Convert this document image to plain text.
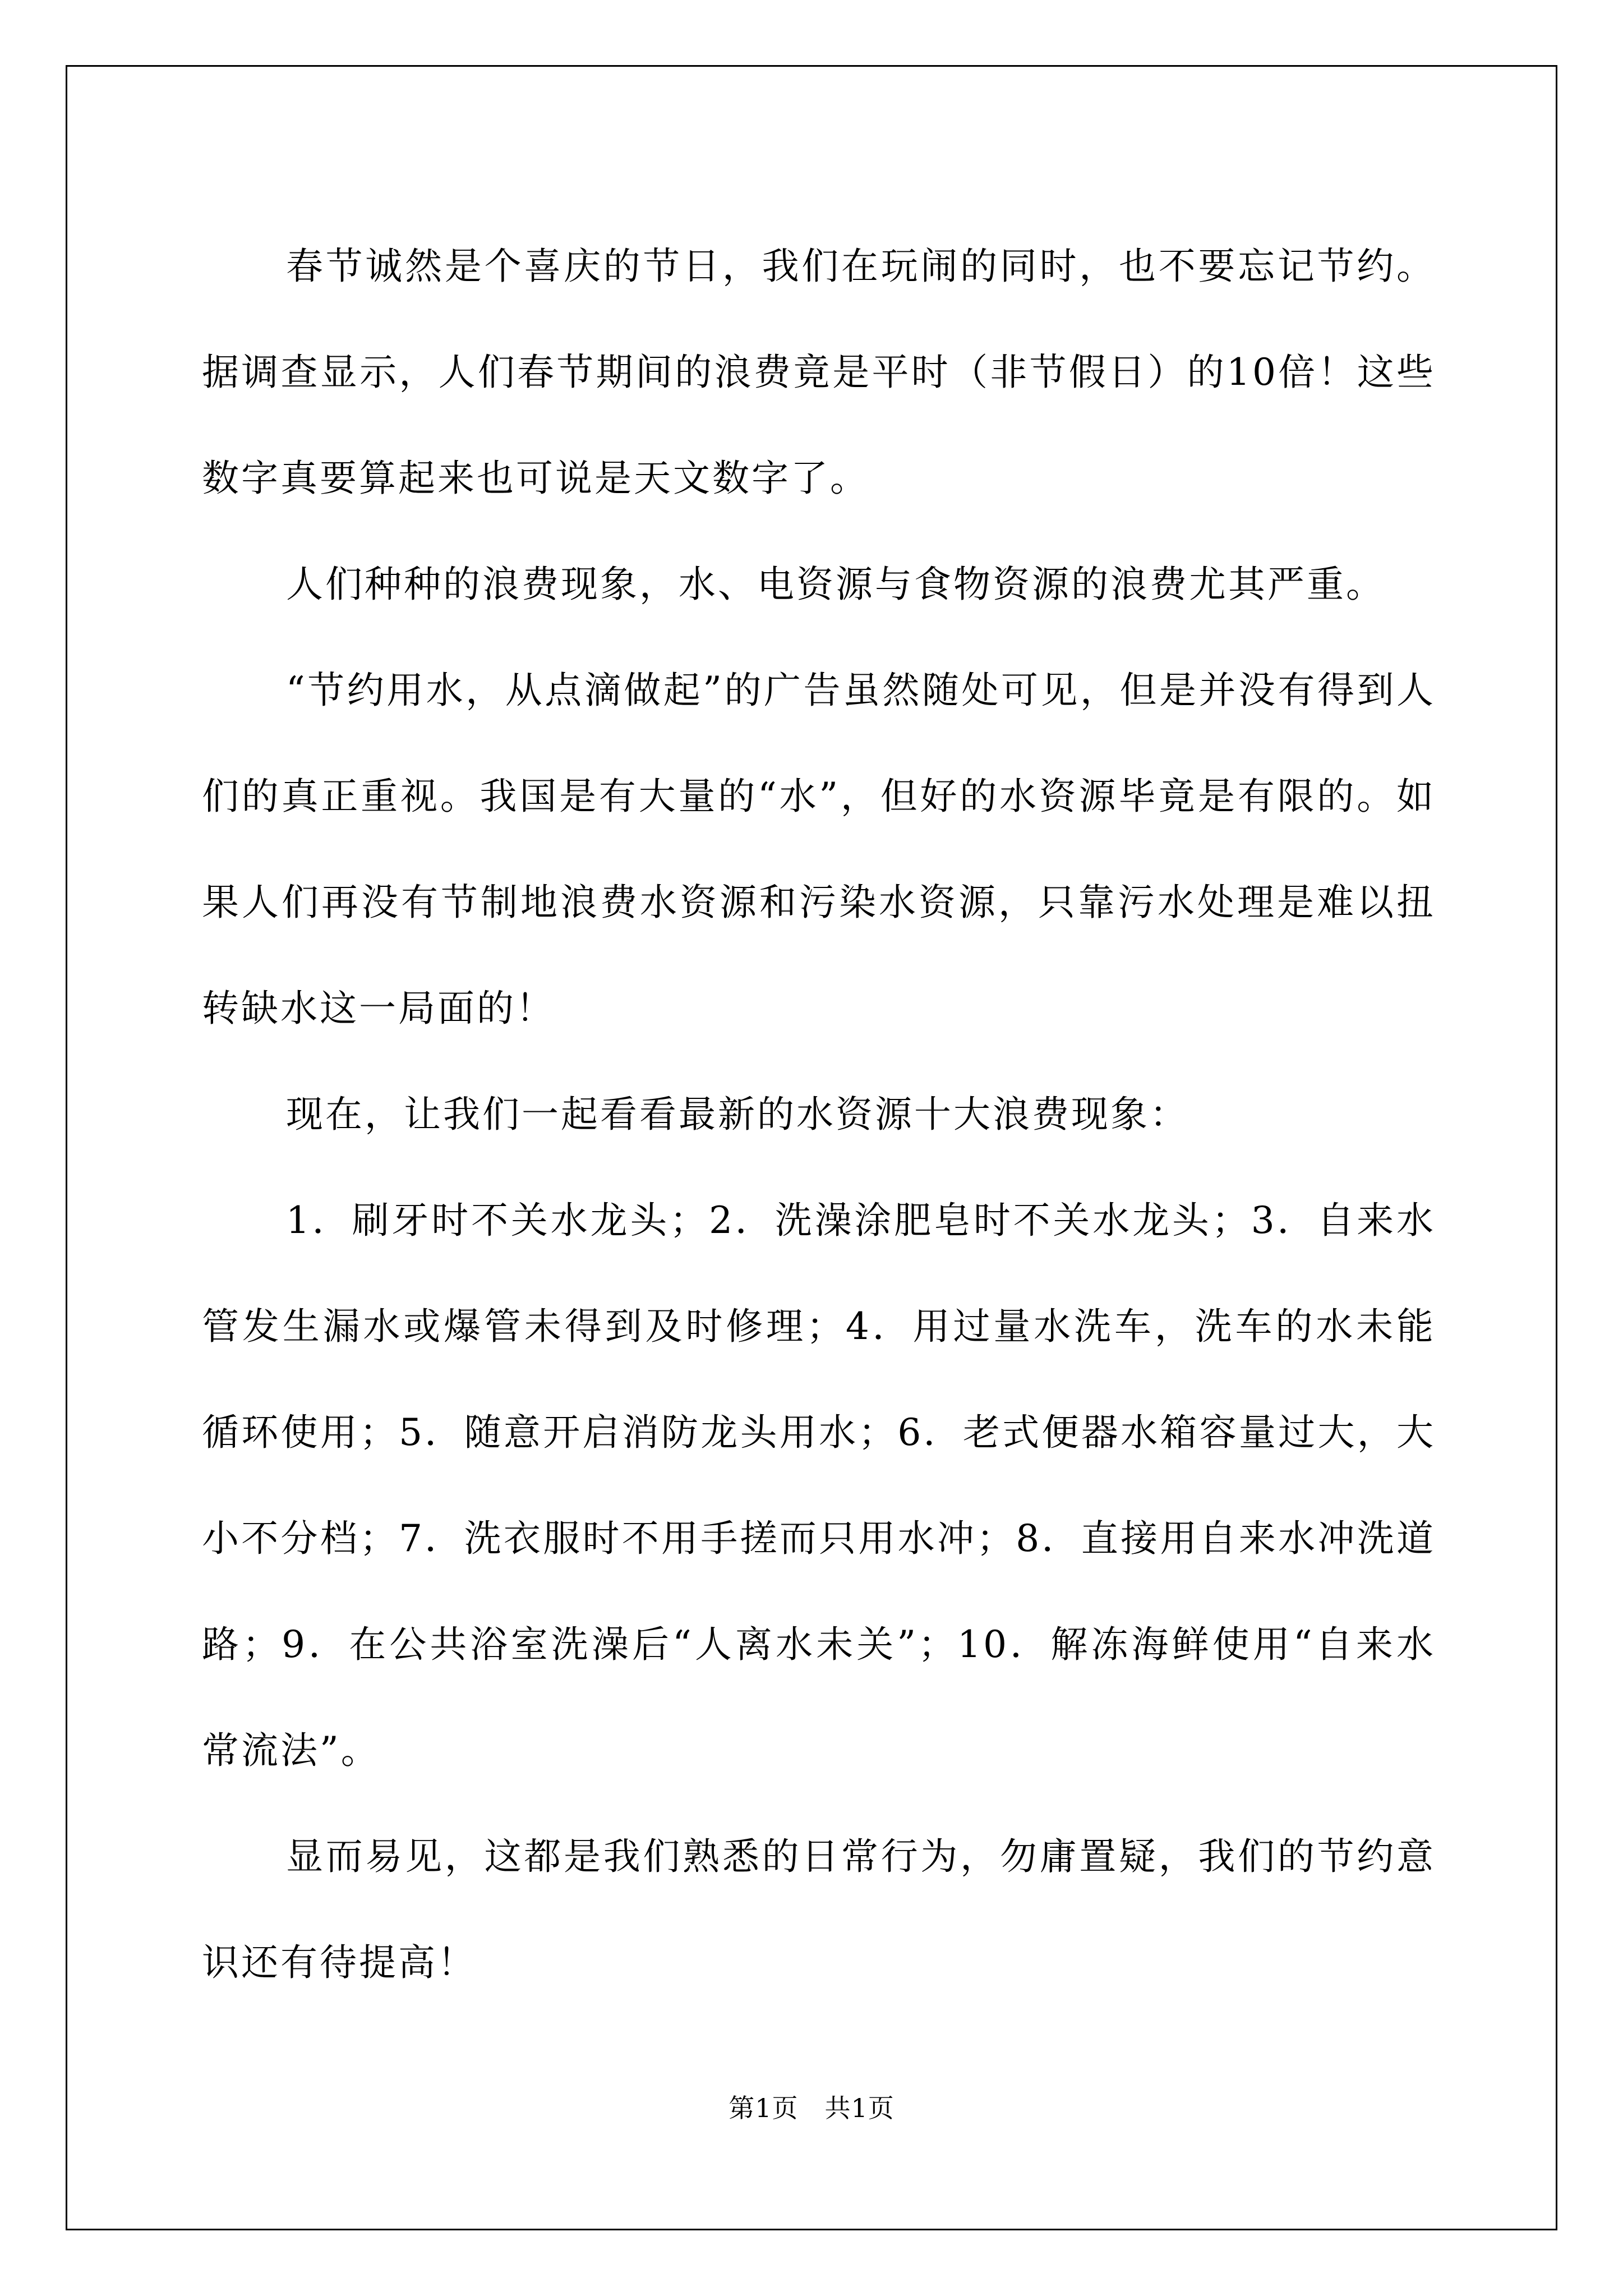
春节诚然是个喜庆的节日，我们在玩闹的同时，也不要忘记节约。据调查显示，人们春节期间的浪费竟是平时（非节假日）的10倍！这些数字真要算起来也可说是天文数字了。

人们种种的浪费现象，水、电资源与食物资源的浪费尤其严重。

“节约用水，从点滴做起”的广告虽然随处可见，但是并没有得到人们的真正重视。我国是有大量的“水”，但好的水资源毕竟是有限的。如果人们再没有节制地浪费水资源和污染水资源，只靠污水处理是难以扭转缺水这一局面的！

现在，让我们一起看看最新的水资源十大浪费现象：

1．刷牙时不关水龙头；2．洗澡涂肥皂时不关水龙头；3．自来水管发生漏水或爆管未得到及时修理；4．用过量水洗车，洗车的水未能循环使用；5．随意开启消防龙头用水；6．老式便器水箱容量过大，大小不分档；7．洗衣服时不用手搓而只用水冲；8．直接用自来水冲洗道路；9．在公共浴室洗澡后“人离水未关”；10．解冻海鲜使用“自来水常流法”。

显而易见，这都是我们熟悉的日常行为，勿庸置疑，我们的节约意识还有待提高！

第1页　共1页
